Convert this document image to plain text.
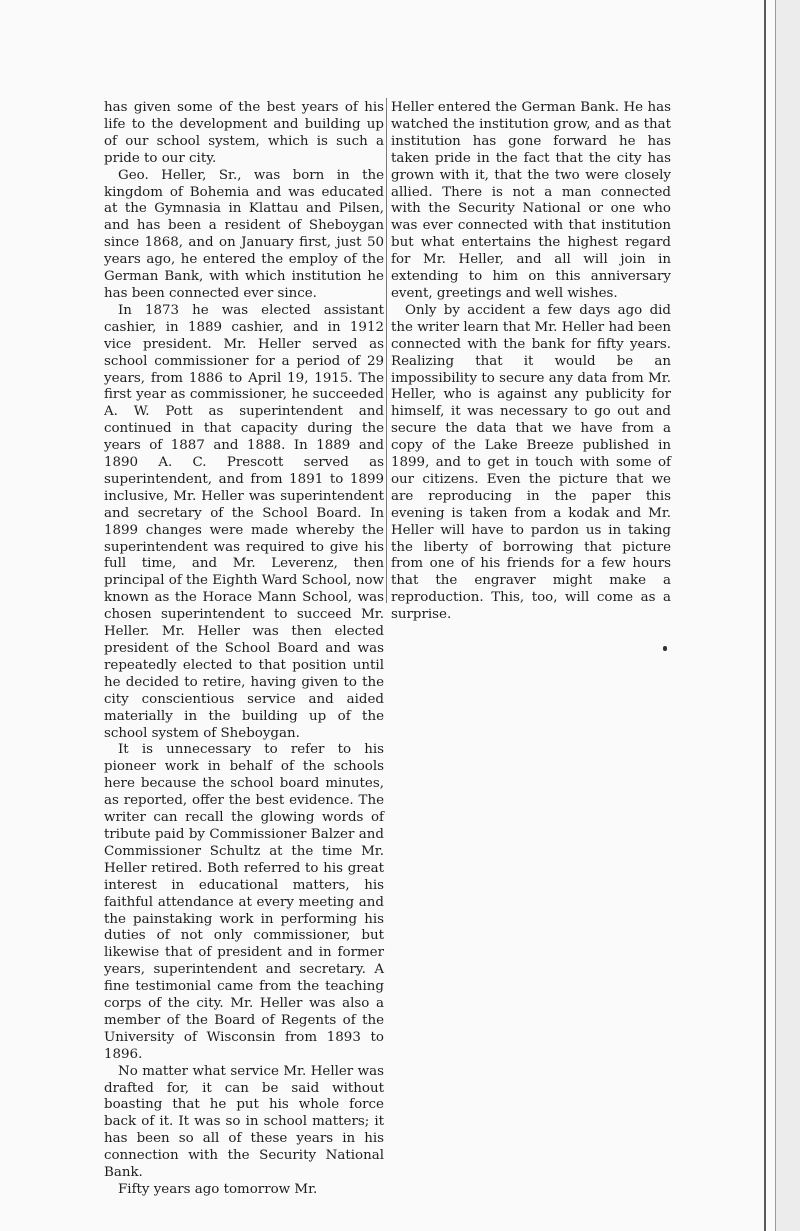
has given some of the best years of his life to the development and building up of our school system, which is such a pride to our city.

Geo. Heller, Sr., was born in the kingdom of Bohemia and was educated at the Gymnasia in Klattau and Pilsen, and has been a resident of Sheboygan since 1868, and on January first, just 50 years ago, he entered the employ of the German Bank, with which institution he has been connected ever since.

In 1873 he was elected assistant cashier, in 1889 cashier, and in 1912 vice president. Mr. Heller served as school commissioner for a period of 29 years, from 1886 to April 19, 1915. The first year as commissioner, he succeeded A. W. Pott as superintendent and continued in that capacity during the years of 1887 and 1888. In 1889 and 1890 A. C. Prescott served as superintendent, and from 1891 to 1899 inclusive, Mr. Heller was superintendent and secretary of the School Board. In 1899 changes were made whereby the superintendent was required to give his full time, and Mr. Leverenz, then principal of the Eighth Ward School, now known as the Horace Mann School, was chosen superintendent to succeed Mr. Heller. Mr. Heller was then elected president of the School Board and was repeatedly elected to that position until he decided to retire, having given to the city conscientious service and aided materially in the building up of the school system of Sheboygan.

It is unnecessary to refer to his pioneer work in behalf of the schools here because the school board minutes, as reported, offer the best evidence. The writer can recall the glowing words of tribute paid by Commissioner Balzer and Commissioner Schultz at the time Mr. Heller retired. Both referred to his great interest in educational matters, his faithful attendance at every meeting and the painstaking work in performing his duties of not only commissioner, but likewise that of president and in former years, superintendent and secretary. A fine testimonial came from the teaching corps of the city. Mr. Heller was also a member of the Board of Regents of the University of Wisconsin from 1893 to 1896.

No matter what service Mr. Heller was drafted for, it can be said without boasting that he put his whole force back of it. It was so in school matters; it has been so all of these years in his connection with the Security National Bank.

Fifty years ago tomorrow Mr.

Heller entered the German Bank. He has watched the institution grow, and as that institution has gone forward he has taken pride in the fact that the city has grown with it, that the two were closely allied. There is not a man connected with the Security National or one who was ever connected with that institution but what entertains the highest regard for Mr. Heller, and all will join in extending to him on this anniversary event, greetings and well wishes.

Only by accident a few days ago did the writer learn that Mr. Heller had been connected with the bank for fifty years. Realizing that it would be an impossibility to secure any data from Mr. Heller, who is against any publicity for himself, it was necessary to go out and secure the data that we have from a copy of the Lake Breeze published in 1899, and to get in touch with some of our citizens. Even the picture that we are reproducing in the paper this evening is taken from a kodak and Mr. Heller will have to pardon us in taking the liberty of borrowing that picture from one of his friends for a few hours that the engraver might make a reproduction. This, too, will come as a surprise.
